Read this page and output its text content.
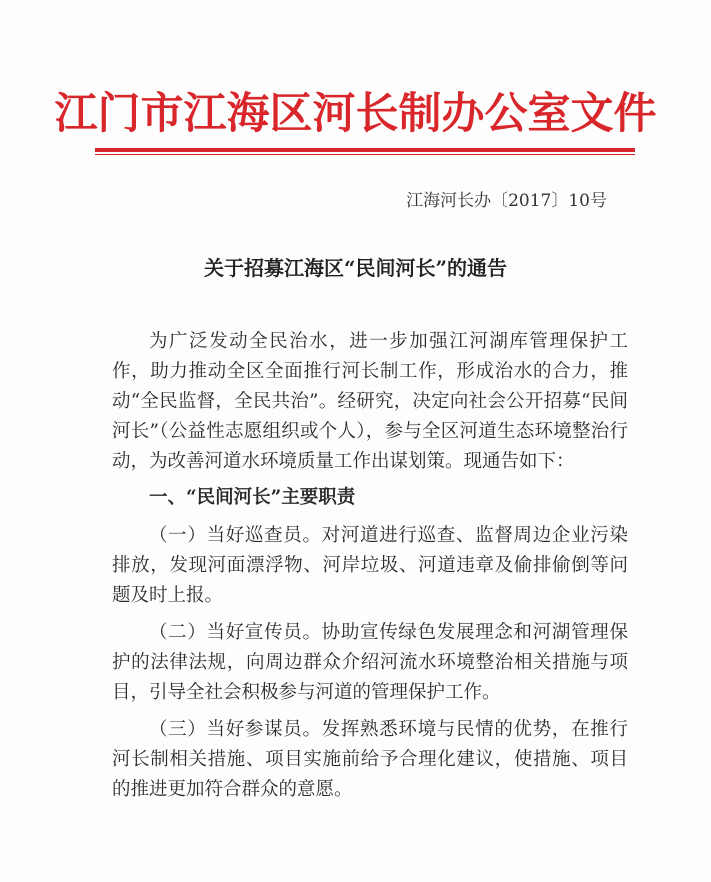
江门市江海区河长制办公室文件
江海河长办〔2017〕10号
关于招募江海区“民间河长”的通告

为广泛发动全民治水，进一步加强江河湖库管理保护工作，助力推动全区全面推行河长制工作，形成治水的合力，推动“全民监督，全民共治”。经研究，决定向社会公开招募“民间河长”（公益性志愿组织或个人），参与全区河道生态环境整治行动，为改善河道水环境质量工作出谋划策。现通告如下：

一、“民间河长”主要职责

（一）当好巡查员。对河道进行巡查、监督周边企业污染排放，发现河面漂浮物、河岸垃圾、河道违章及偷排偷倒等问题及时上报。

（二）当好宣传员。协助宣传绿色发展理念和河湖管理保护的法律法规，向周边群众介绍河流水环境整治相关措施与项目，引导全社会积极参与河道的管理保护工作。

（三）当好参谋员。发挥熟悉环境与民情的优势，在推行河长制相关措施、项目实施前给予合理化建议，使措施、项目的推进更加符合群众的意愿。
